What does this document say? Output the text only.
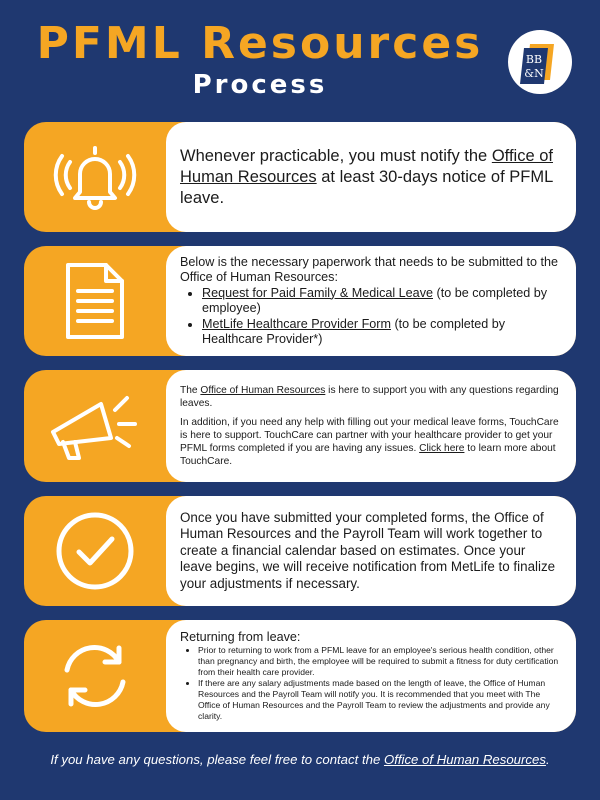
PFML Resources
Process
BB
&N

Whenever practicable, you must notify the Office of Human Resources at least 30-days notice of PFML leave.

Below is the necessary paperwork that needs to be submitted to the Office of Human Resources:

• Request for Paid Family & Medical Leave (to be completed by employee)
• MetLife Healthcare Provider Form (to be completed by Healthcare Provider*)

The Office of Human Resources is here to support you with any questions regarding leaves.

In addition, if you need any help with filling out your medical leave forms, TouchCare is here to support. TouchCare can partner with your healthcare provider to get your PFML forms completed if you are having any issues. Click here to learn more about TouchCare.

Once you have submitted your completed forms, the Office of Human Resources and the Payroll Team will work together to create a financial calendar based on estimates. Once your leave begins, we will receive notification from MetLife to finalize your adjustments if necessary.

Returning from leave:

• Prior to returning to work from a PFML leave for an employee's serious health condition, other than pregnancy and birth, the employee will be required to submit a fitness for duty certification from their health care provider.
• If there are any salary adjustments made based on the length of leave, the Office of Human Resources and the Payroll Team will notify you. It is recommended that you meet with The Office of Human Resources and the Payroll Team to review the adjustments and provide any clarity.
If you have any questions, please feel free to contact the Office of Human Resources.
